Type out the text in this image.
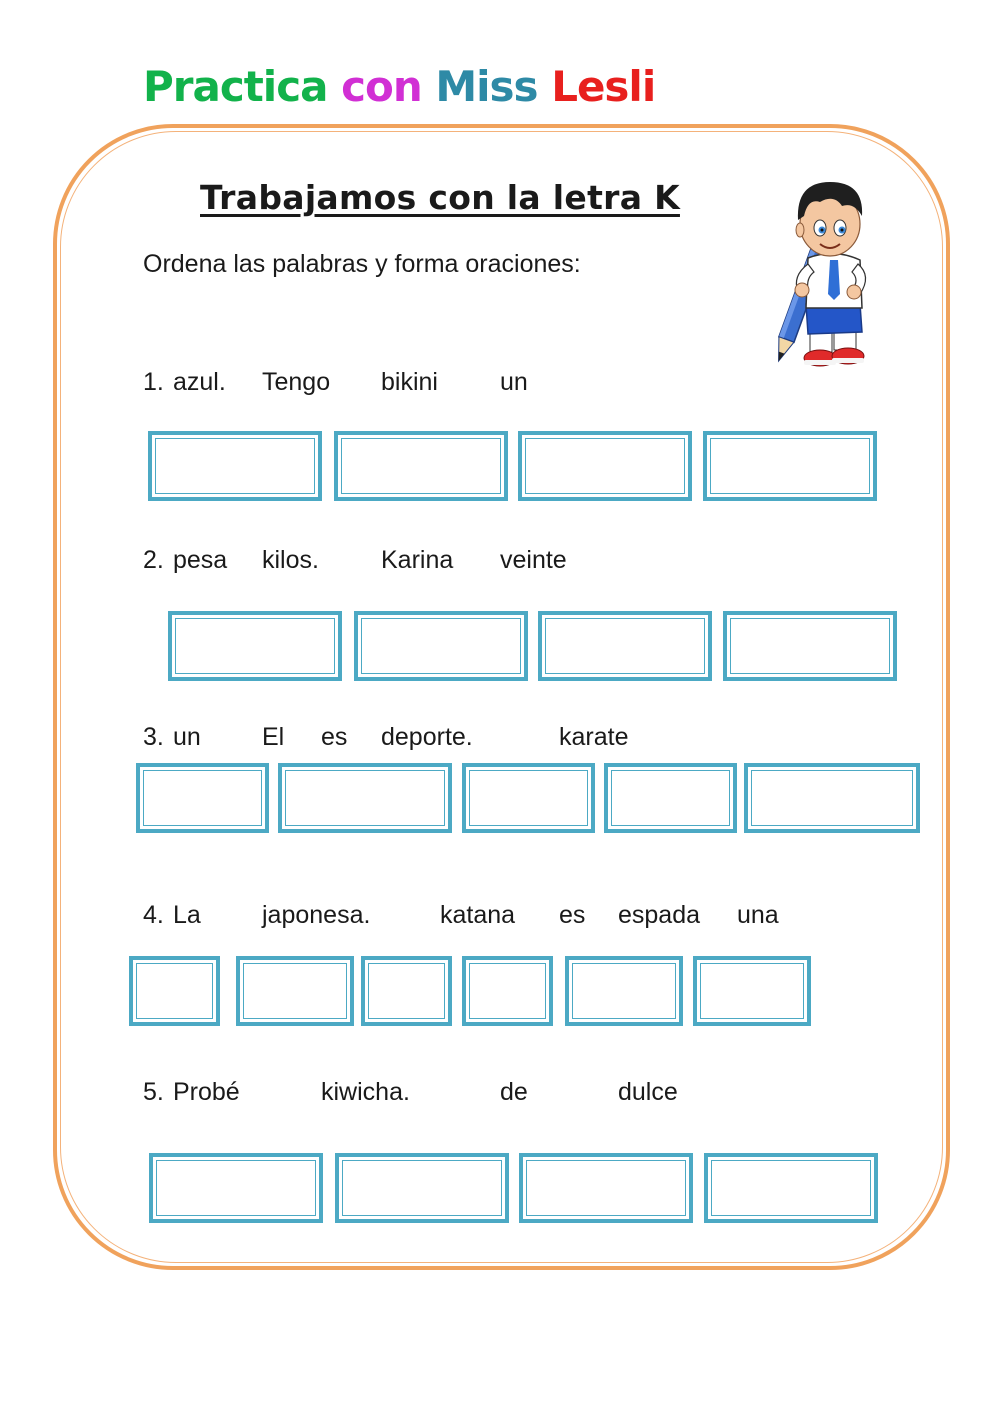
Practica con Miss Lesli
Trabajamos con la letra K
Ordena las palabras y forma oraciones:
1. azul. Tengo bikini un
2. pesa kilos. Karina veinte
3. un El es deporte.	karate
4. La japonesa.	katana es espada una
5. Probé	kiwicha.	de	dulce
